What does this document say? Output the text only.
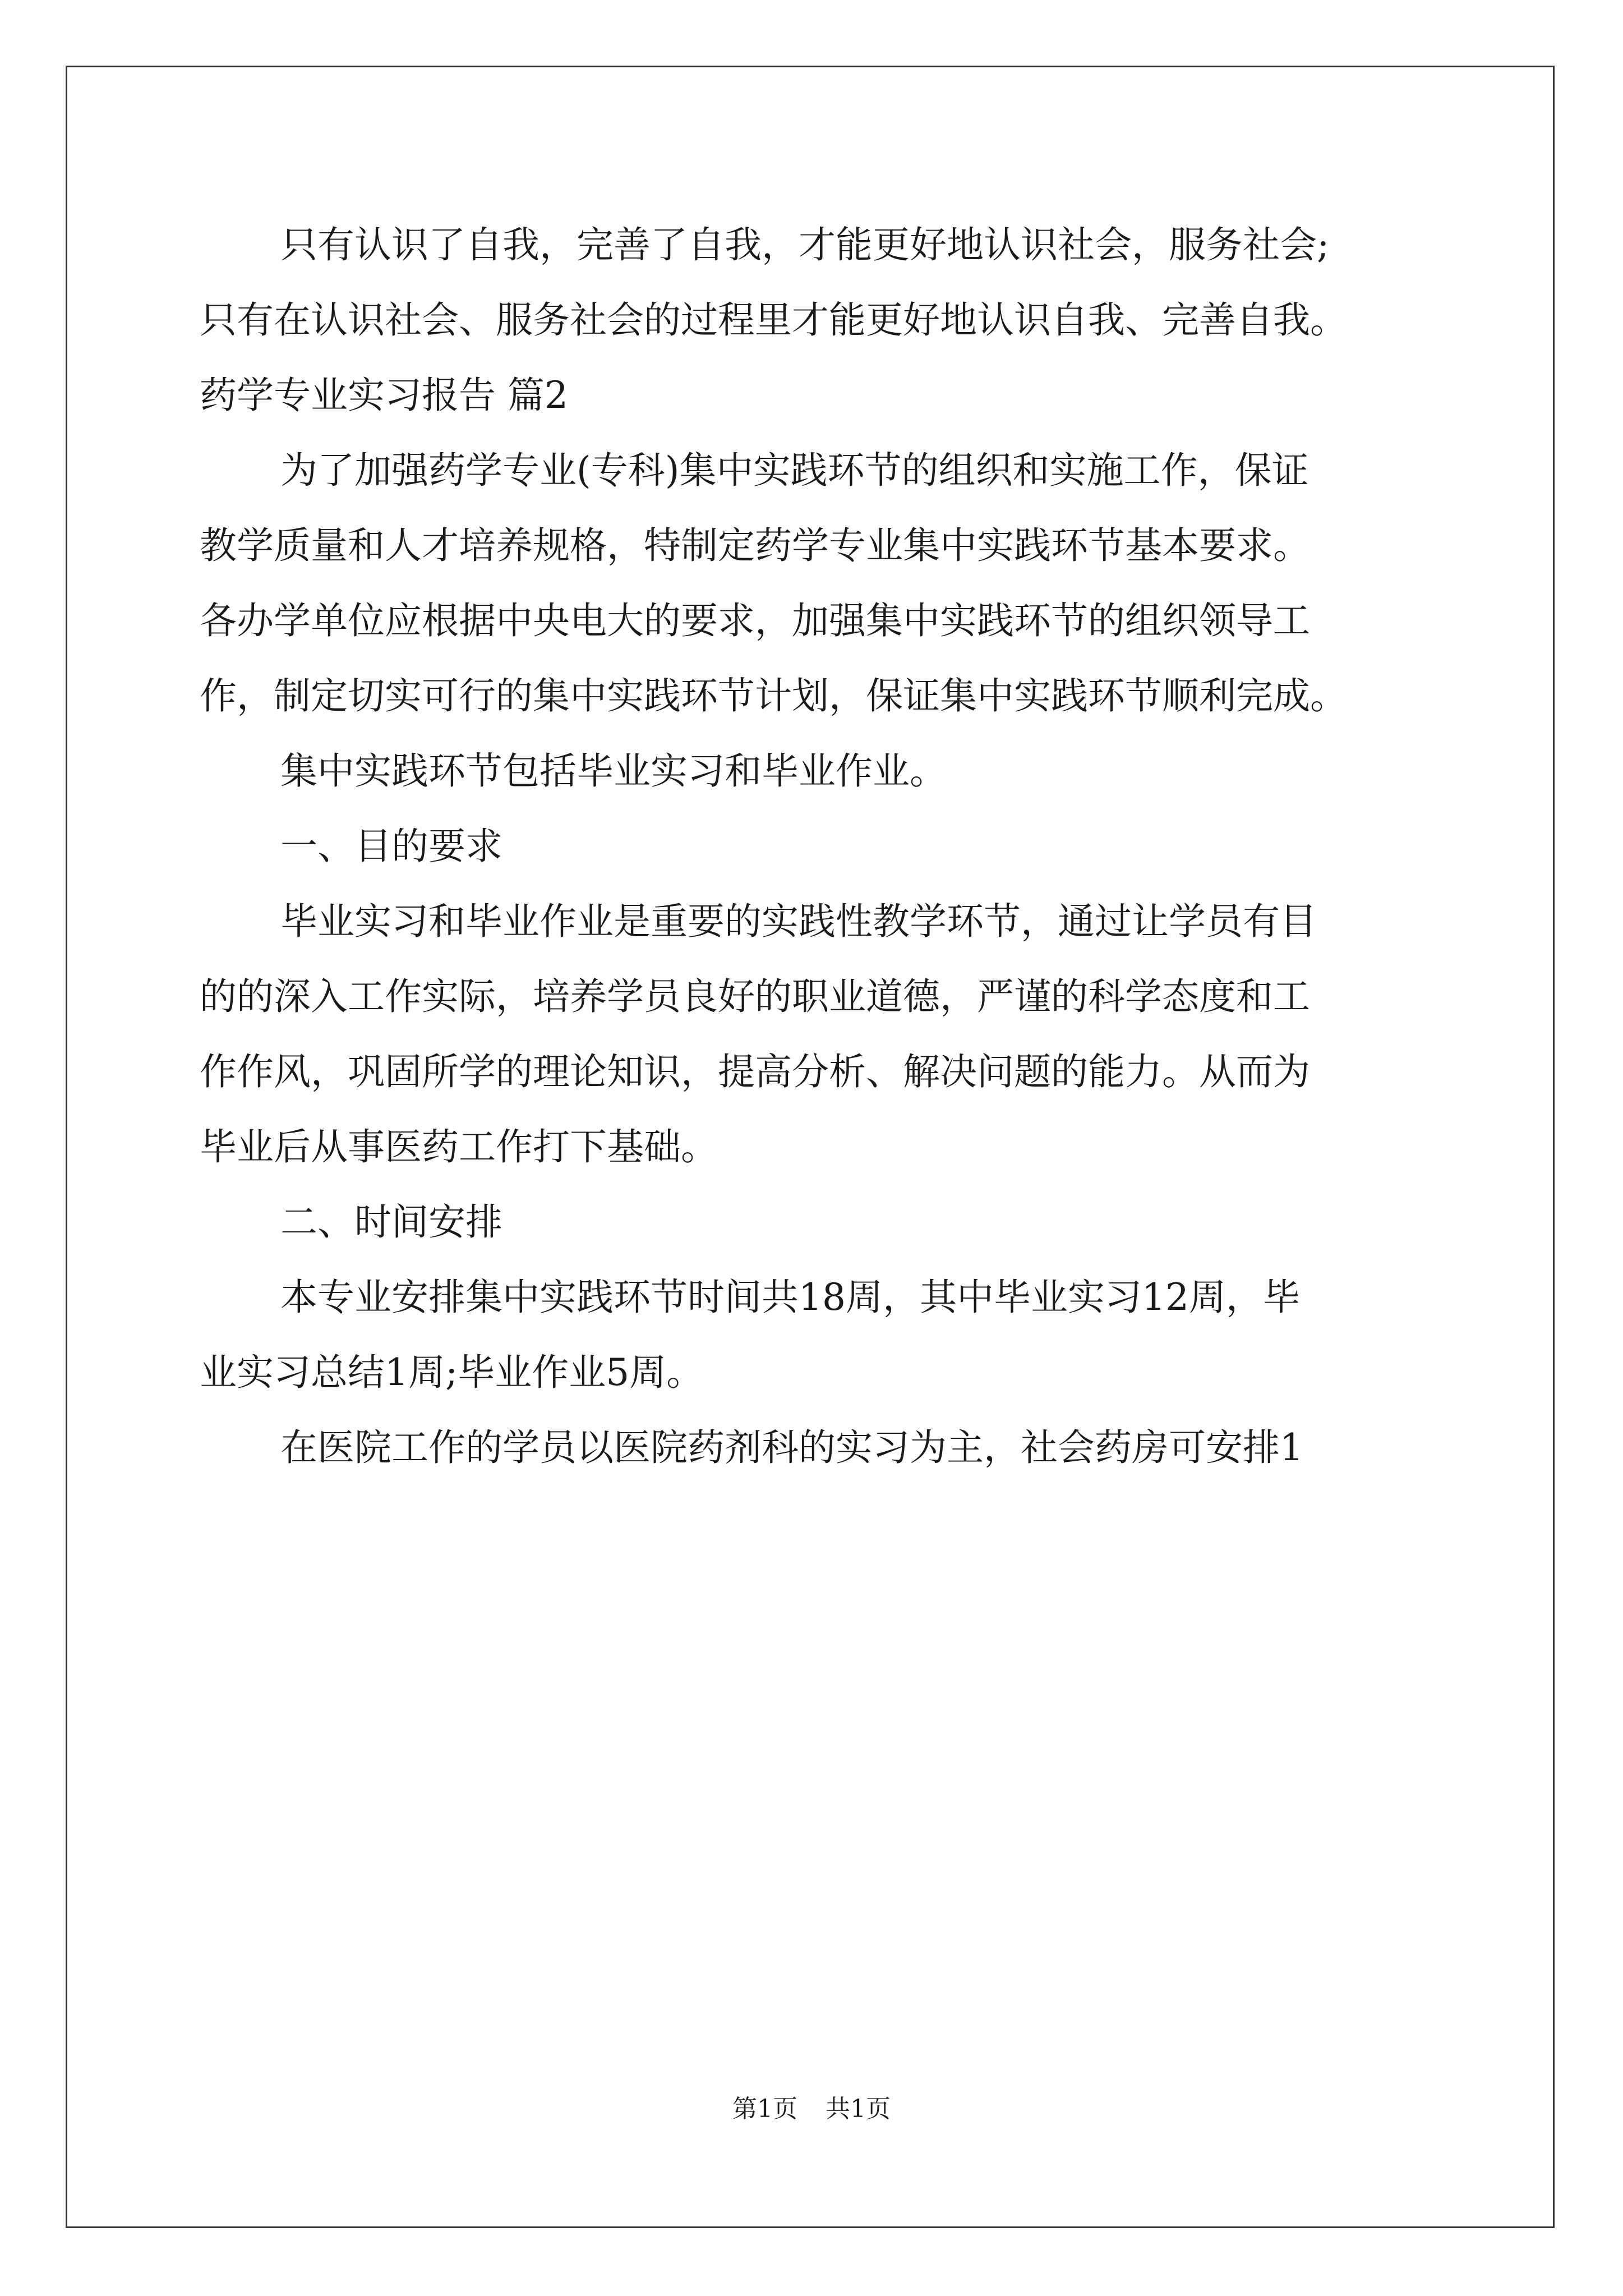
只有认识了自我，完善了自我，才能更好地认识社会，服务社会;
只有在认识社会、服务社会的过程里才能更好地认识自我、完善自我。
药学专业实习报告 篇2
为了加强药学专业(专科)集中实践环节的组织和实施工作，保证
教学质量和人才培养规格，特制定药学专业集中实践环节基本要求。
各办学单位应根据中央电大的要求，加强集中实践环节的组织领导工
作，制定切实可行的集中实践环节计划，保证集中实践环节顺利完成。
集中实践环节包括毕业实习和毕业作业。
一、目的要求
毕业实习和毕业作业是重要的实践性教学环节，通过让学员有目
的的深入工作实际，培养学员良好的职业道德，严谨的科学态度和工
作作风，巩固所学的理论知识，提高分析、解决问题的能力。从而为
毕业后从事医药工作打下基础。
二、时间安排
本专业安排集中实践环节时间共18周，其中毕业实习12周，毕
业实习总结1周;毕业作业5周。
在医院工作的学员以医院药剂科的实习为主，社会药房可安排1
第1页 共1页
